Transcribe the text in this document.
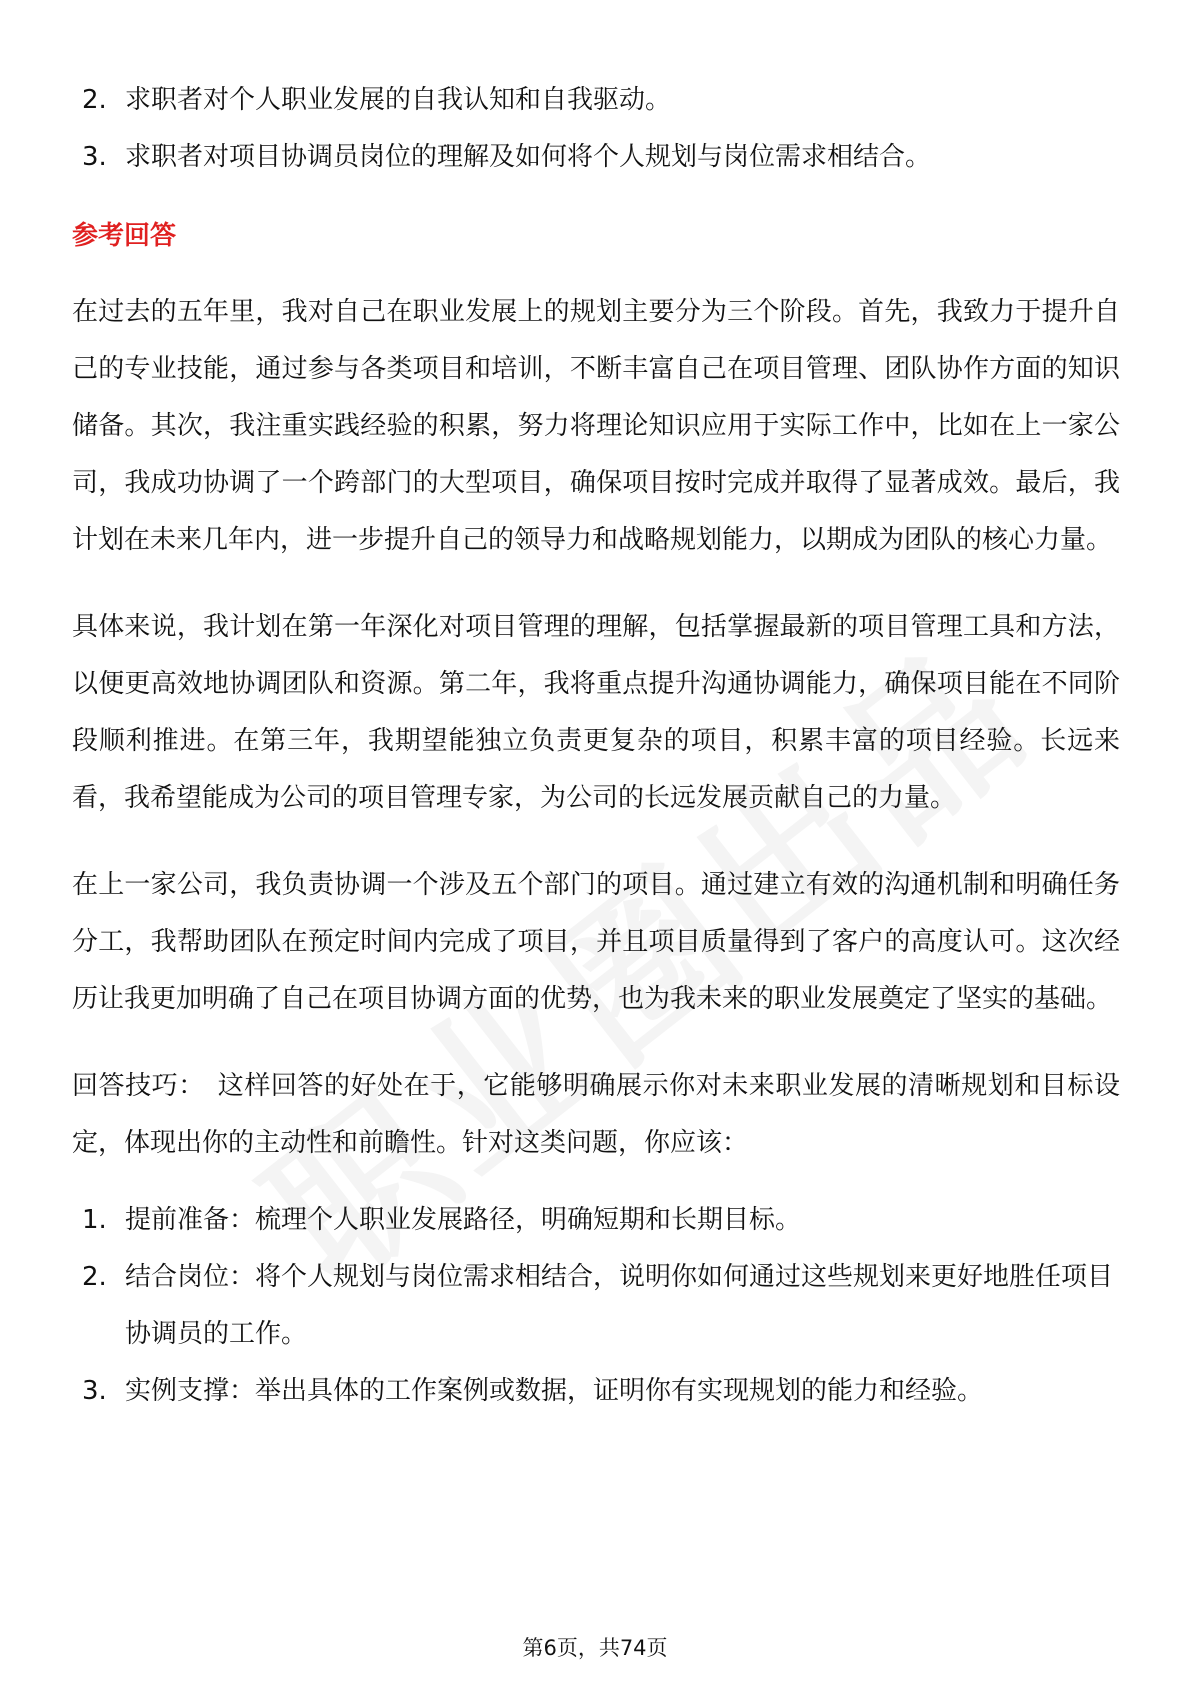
2. 求职者对个人职业发展的自我认知和自我驱动。
3. 求职者对项目协调员岗位的理解及如何将个人规划与岗位需求相结合。
参考回答

在过去的五年里，我对自己在职业发展上的规划主要分为三个阶段。首先，我致力于提升自己的专业技能，通过参与各类项目和培训，不断丰富自己在项目管理、团队协作方面的知识储备。其次，我注重实践经验的积累，努力将理论知识应用于实际工作中，比如在上一家公司，我成功协调了一个跨部门的大型项目，确保项目按时完成并取得了显著成效。最后，我计划在未来几年内，进一步提升自己的领导力和战略规划能力，以期成为团队的核心力量。

具体来说，我计划在第一年深化对项目管理的理解，包括掌握最新的项目管理工具和方法，以便更高效地协调团队和资源。第二年，我将重点提升沟通协调能力，确保项目能在不同阶段顺利推进。在第三年，我期望能独立负责更复杂的项目，积累丰富的项目经验。长远来看，我希望能成为公司的项目管理专家，为公司的长远发展贡献自己的力量。

在上一家公司，我负责协调一个涉及五个部门的项目。通过建立有效的沟通机制和明确任务分工，我帮助团队在预定时间内完成了项目，并且项目质量得到了客户的高度认可。这次经历让我更加明确了自己在项目协调方面的优势，也为我未来的职业发展奠定了坚实的基础。

回答技巧： 这样回答的好处在于，它能够明确展示你对未来职业发展的清晰规划和目标设定，体现出你的主动性和前瞻性。针对这类问题，你应该：

1. 提前准备：梳理个人职业发展路径，明确短期和长期目标。
2. 结合岗位：将个人规划与岗位需求相结合，说明你如何通过这些规划来更好地胜任项目协调员的工作。
3. 实例支撑：举出具体的工作案例或数据，证明你有实现规划的能力和经验。
第6页，共74页
